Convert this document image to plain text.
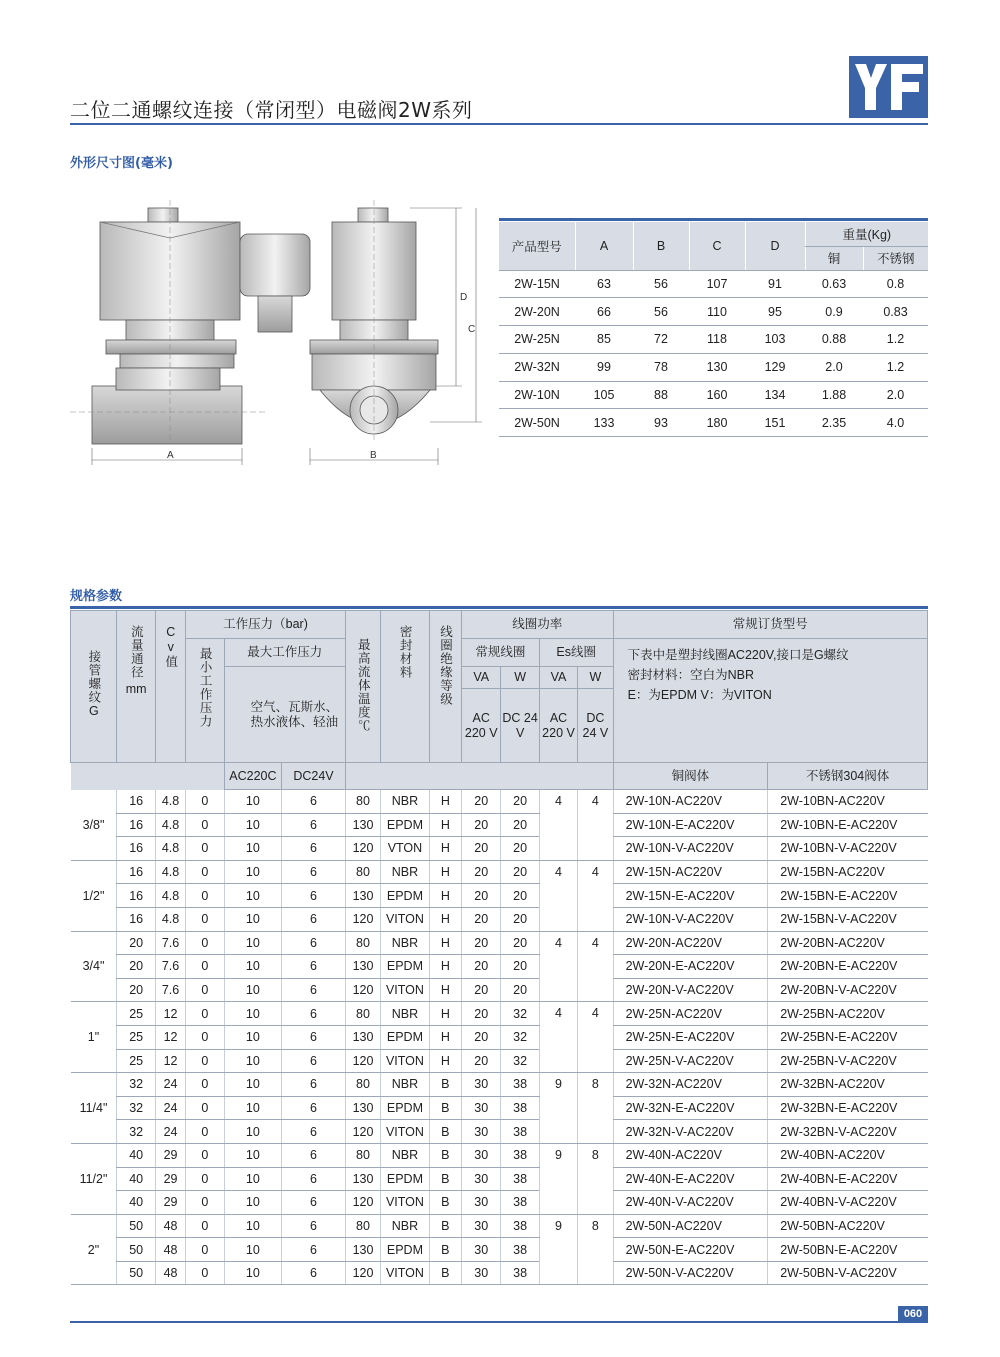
二位二通螺纹连接（常闭型）电磁阀2W系列
外形尺寸图(毫米)
A	B
D
C
产品型号	A	B	C	D	重量(Kg)	
					铜	不锈钢
2W-15N	63	56	107	91	0.63	0.8
2W-20N	66	56	110	95	0.9	0.83
2W-25N	85	72	118	103	0.88	1.2
2W-32N	99	78	130	129	2.0	1.2
2W-10N	105	88	160	134	1.88	2.0
2W-50N	133	93	180	151	2.35	4.0
规格参数
接管螺纹G	流量通径
mm	Cv值	工作压力（bar)			最高流体温度℃	密封材料	线圈绝缘等级	线圈功率				常规订货型号	
			最小工作压力	最大工作压力					常规线圈		Es线圈		下表中是塑封线圈AC220V,接口是G螺纹
密封材料：空白为NBR
E：为EPDM V：为VITON	

				空气、瓦斯水、热水液体、轻油					VA	W	VA	W		
									AC 220 V	DC 24 V	AC 220 V	DC 24 V		
				AC220C	DC24V								铜阀体	不锈钢304阀体
3/8"	16	4.8	0	10	6	80	NBR	H	20	20	4	4	2W-10N-AC220V	2W-10BN-AC220V
	16	4.8	0	10	6	130	EPDM	H	20	20			2W-10N-E-AC220V	2W-10BN-E-AC220V
	16	4.8	0	10	6	120	VTON	H	20	20			2W-10N-V-AC220V	2W-10BN-V-AC220V
1/2"	16	4.8	0	10	6	80	NBR	H	20	20	4	4	2W-15N-AC220V	2W-15BN-AC220V
	16	4.8	0	10	6	130	EPDM	H	20	20			2W-15N-E-AC220V	2W-15BN-E-AC220V
	16	4.8	0	10	6	120	VITON	H	20	20			2W-10N-V-AC220V	2W-15BN-V-AC220V
3/4"	20	7.6	0	10	6	80	NBR	H	20	20	4	4	2W-20N-AC220V	2W-20BN-AC220V
	20	7.6	0	10	6	130	EPDM	H	20	20			2W-20N-E-AC220V	2W-20BN-E-AC220V
	20	7.6	0	10	6	120	VITON	H	20	20			2W-20N-V-AC220V	2W-20BN-V-AC220V
1"	25	12	0	10	6	80	NBR	H	20	32	4	4	2W-25N-AC220V	2W-25BN-AC220V
	25	12	0	10	6	130	EPDM	H	20	32			2W-25N-E-AC220V	2W-25BN-E-AC220V
	25	12	0	10	6	120	VITON	H	20	32			2W-25N-V-AC220V	2W-25BN-V-AC220V
11/4"	32	24	0	10	6	80	NBR	B	30	38	9	8	2W-32N-AC220V	2W-32BN-AC220V
	32	24	0	10	6	130	EPDM	B	30	38			2W-32N-E-AC220V	2W-32BN-E-AC220V
	32	24	0	10	6	120	VITON	B	30	38			2W-32N-V-AC220V	2W-32BN-V-AC220V
11/2"	40	29	0	10	6	80	NBR	B	30	38	9	8	2W-40N-AC220V	2W-40BN-AC220V
	40	29	0	10	6	130	EPDM	B	30	38			2W-40N-E-AC220V	2W-40BN-E-AC220V
	40	29	0	10	6	120	VITON	B	30	38			2W-40N-V-AC220V	2W-40BN-V-AC220V
2"	50	48	0	10	6	80	NBR	B	30	38	9	8	2W-50N-AC220V	2W-50BN-AC220V
	50	48	0	10	6	130	EPDM	B	30	38			2W-50N-E-AC220V	2W-50BN-E-AC220V
	50	48	0	10	6	120	VITON	B	30	38			2W-50N-V-AC220V	2W-50BN-V-AC220V
060
